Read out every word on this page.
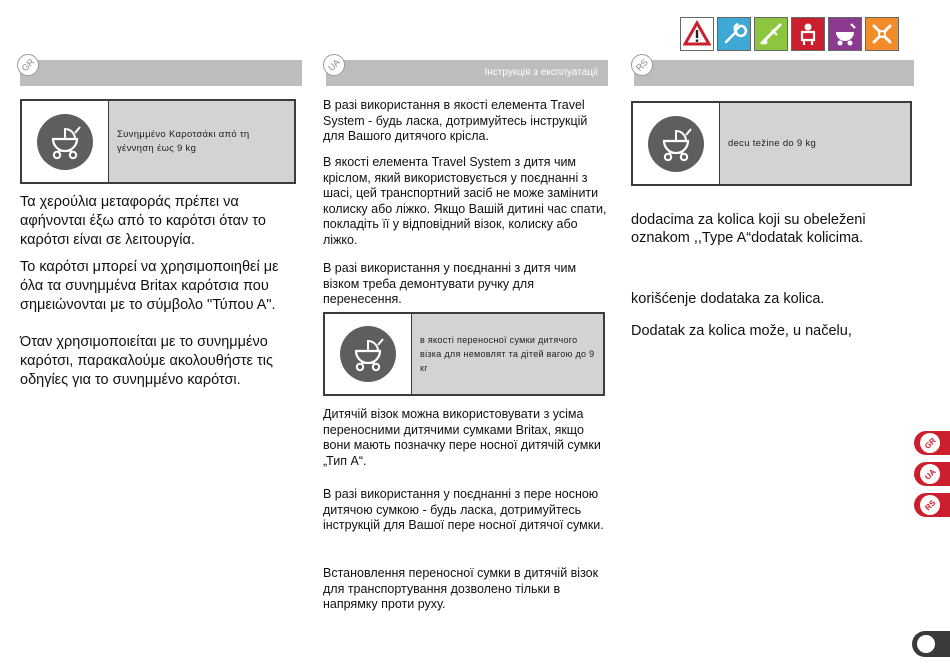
GR	UA	Інструкція з експлуатації	RS
Συνημμένο Καροτσάκι από τη γέννηση έως 9 kg
Τα χερούλια μεταφοράς πρέπει να αφήνονται έξω από το καρότσι όταν το καρότσι είναι σε λειτουργία.
Το καρότσι μπορεί να χρησιμοποιηθεί με όλα τα συνημμένα Britax καρότσια που σημειώνονται με το σύμβολο "Τύπου Α".
Όταν χρησιμοποιείται με το συνημμένο καρότσι, παρακαλούμε ακολουθήστε τις οδηγίες για το συνημμένο καρότσι.
В разі використання в якості елемента Travel System - будь ласка, дотримуйтесь інструкцій для Вашого дитячого крісла.
В якості елемента Travel System з дитя чим кріслом, який використовується у поєднанні з шасі, цей транспортний засіб не може замінити колиску або ліжко. Якщо Вашій дитині час спати, покладіть її у відповідний візок, колиску або ліжко.
В разі використання у поєднанні з дитя чим візком треба демонтувати ручку для перенесення.
в якості переносної сумки дитячого візка для немовлят та дітей вагою до 9 кг
Дитячій візок можна використовувати з усіма переносними дитячими сумками Britax, якщо вони мають позначку пере носної дитячій сумки „Тип А“.
В разі використання у поєднанні з пере носною дитячою сумкою - будь ласка, дотримуйтесь інструкцій для Вашої пере носної дитячої сумки.
Встановлення переносної сумки в дитячій візок для транспортування дозволено тільки в напрямку проти руху.
decu težine do 9 kg
dodacima za kolica koji su obeleženi oznakom ,,Type A“dodatak kolicima.
korišćenje dodataka za kolica.
Dodatak za kolica može, u načelu,
GR
UA
RS
